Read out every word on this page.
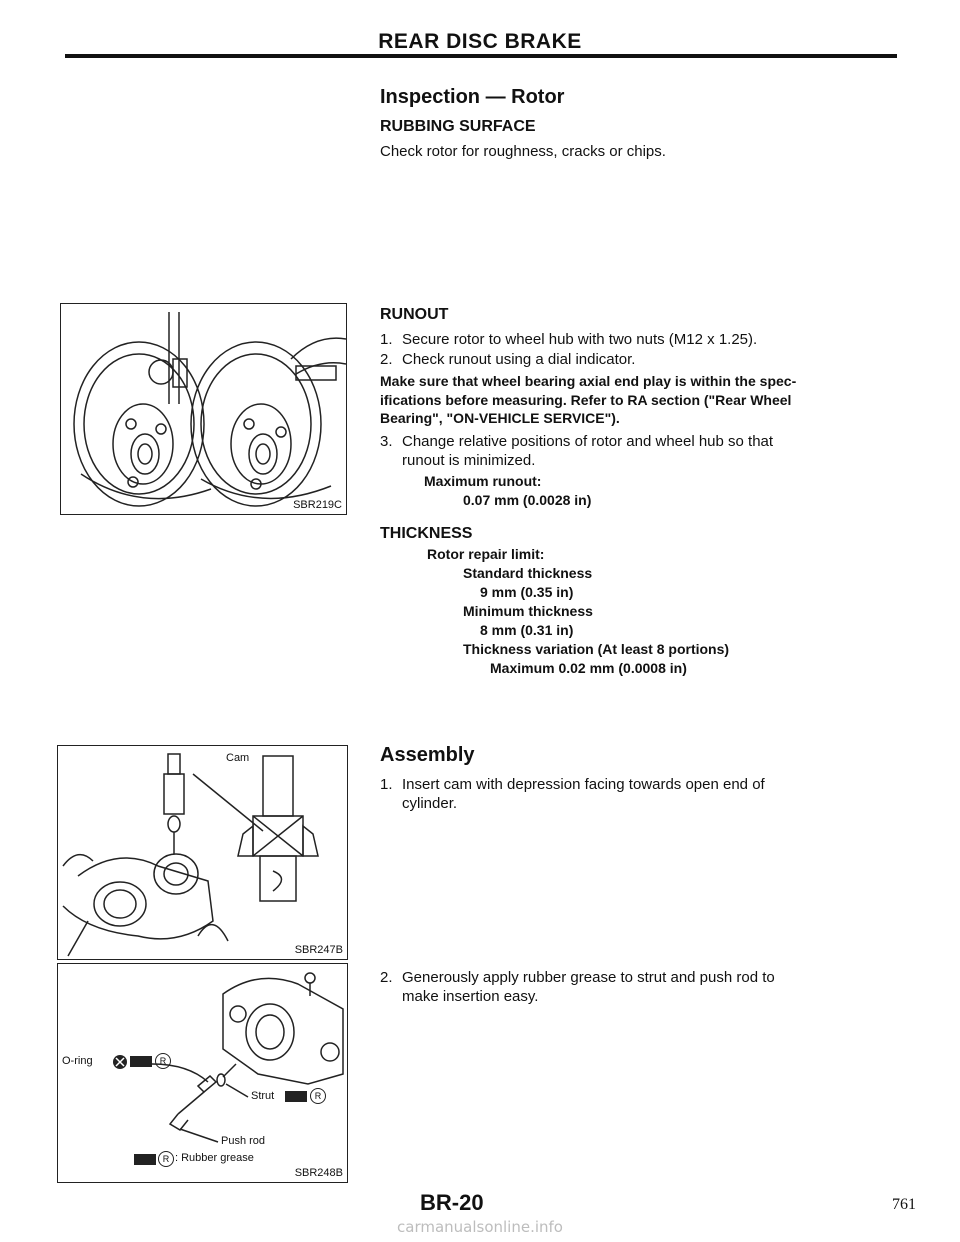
REAR DISC BRAKE
Inspection — Rotor
RUBBING SURFACE
Check rotor for roughness, cracks or chips.
SBR219C
RUNOUT
1. Secure rotor to wheel hub with two nuts (M12 x 1.25).
2. Check runout using a dial indicator.
Make sure that wheel bearing axial end play is within the spec-
ifications before measuring. Refer to RA section ("Rear Wheel
Bearing", "ON-VEHICLE SERVICE").
3. Change relative positions of rotor and wheel hub so that
runout is minimized.
Maximum runout:
0.07 mm (0.0028 in)
THICKNESS
Rotor repair limit:
Standard thickness
9 mm (0.35 in)
Minimum thickness
8 mm (0.31 in)
Thickness variation (At least 8 portions)
Maximum 0.02 mm (0.0008 in)
Cam
SBR247B
Assembly
1. Insert cam with depression facing towards open end of
cylinder.
2. Generously apply rubber grease to strut and push rod to
make insertion easy.
O-ring	R
Strut	R
Push rod
R : Rubber grease
SBR248B
BR-20	761
carmanualsonline.info
